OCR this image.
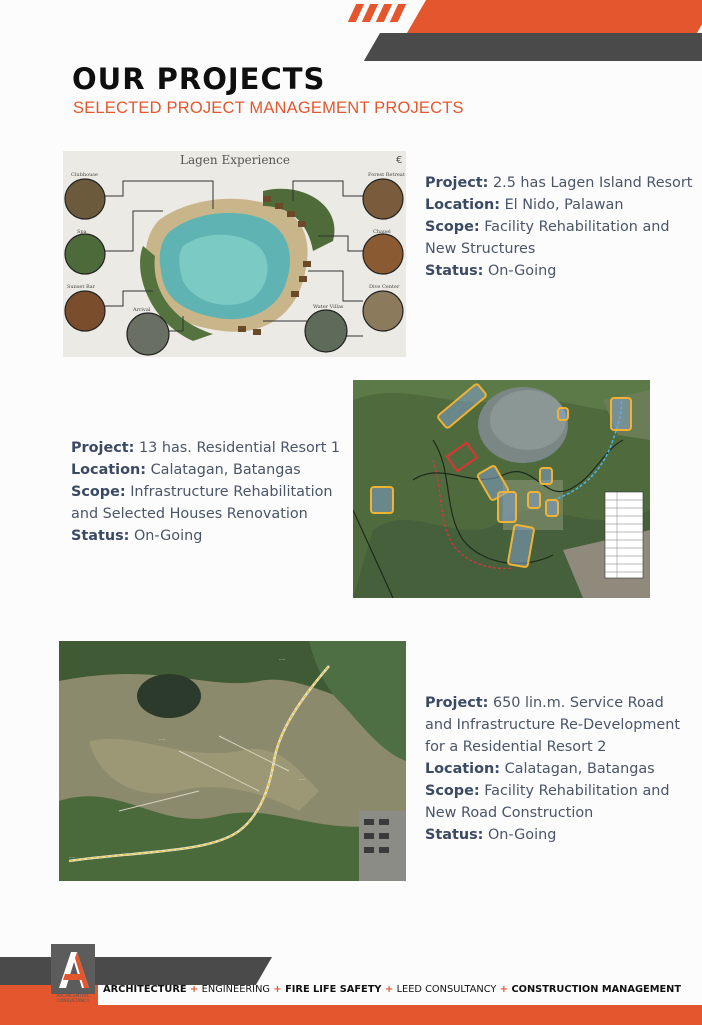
OUR PROJECTS
SELECTED PROJECT MANAGEMENT PROJECTS
Clubhouse
Spa
Sunset Bar
Arrival
Forest Retreat
Chapel
Water Villas
Dive Center
Lagen Experience	€
Project: 2.5 has Lagen Island Resort
Location: El Nido, Palawan
Scope: Facility Rehabilitation and
New Structures
Status: On-Going
Project: 13 has. Residential Resort 1
Location: Calatagan, Batangas
Scope: Infrastructure Rehabilitation
and Selected Houses Renovation
Status: On-Going
·····
·····
·····
·····
Project: 650 lin.m. Service Road
and Infrastructure Re-Development
for a Residential Resort 2
Location: Calatagan, Batangas
Scope: Facility Rehabilitation and
New Road Construction
Status: On-Going
ARCHICENTRIC
CONSULTANCY
ARCHITECTURE + ENGINEERING + FIRE LIFE SAFETY + LEED CONSULTANCY + CONSTRUCTION MANAGEMENT
